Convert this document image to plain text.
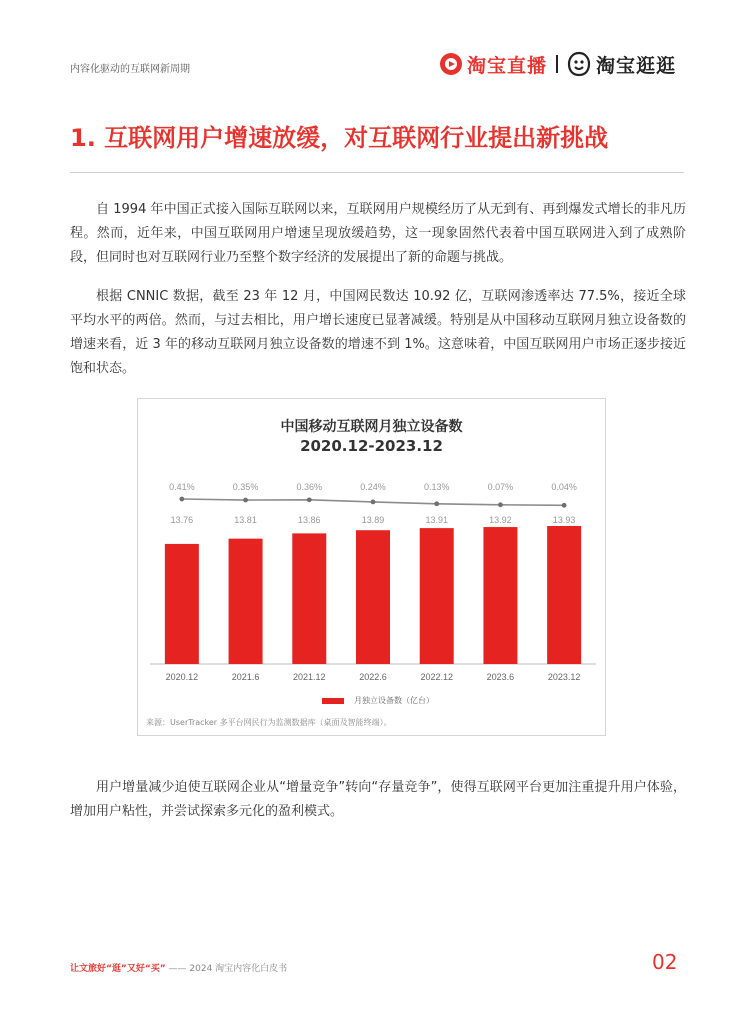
内容化驱动的互联网新周期	淘宝直播	淘宝逛逛
1. 互联网用户增速放缓，对互联网行业提出新挑战
自 1994 年中国正式接入国际互联网以来，互联网用户规模经历了从无到有、再到爆发式增长的非凡历程。然而，近年来，中国互联网用户增速呈现放缓趋势，这一现象固然代表着中国互联网进入到了成熟阶段，但同时也对互联网行业乃至整个数字经济的发展提出了新的命题与挑战。
根据 CNNIC 数据，截至 23 年 12 月，中国网民数达 10.92 亿，互联网渗透率达 77.5%，接近全球平均水平的两倍。然而，与过去相比，用户增长速度已显著减缓。特别是从中国移动互联网月独立设备数的增速来看，近 3 年的移动互联网月独立设备数的增速不到 1%。这意味着，中国互联网用户市场正逐步接近饱和状态。
中国移动互联网月独立设备数
2020.12-2023.12
13.76
2020.12
13.81
2021.6
13.86
2021.12
13.89
2022.6
13.91
2022.12
13.92
2023.6
13.93
2023.12
0.41%	0.35%	0.36%	0.24%	0.13%	0.07%	0.04%
月独立设备数（亿台）
来源：UserTracker 多平台网民行为监测数据库（桌面及智能终端）。
用户增量减少迫使互联网企业从“增量竞争”转向“存量竞争”，使得互联网平台更加注重提升用户体验，增加用户粘性，并尝试探索多元化的盈利模式。
让文旅好“逛”又好“买” —— 2024 淘宝内容化白皮书	02
